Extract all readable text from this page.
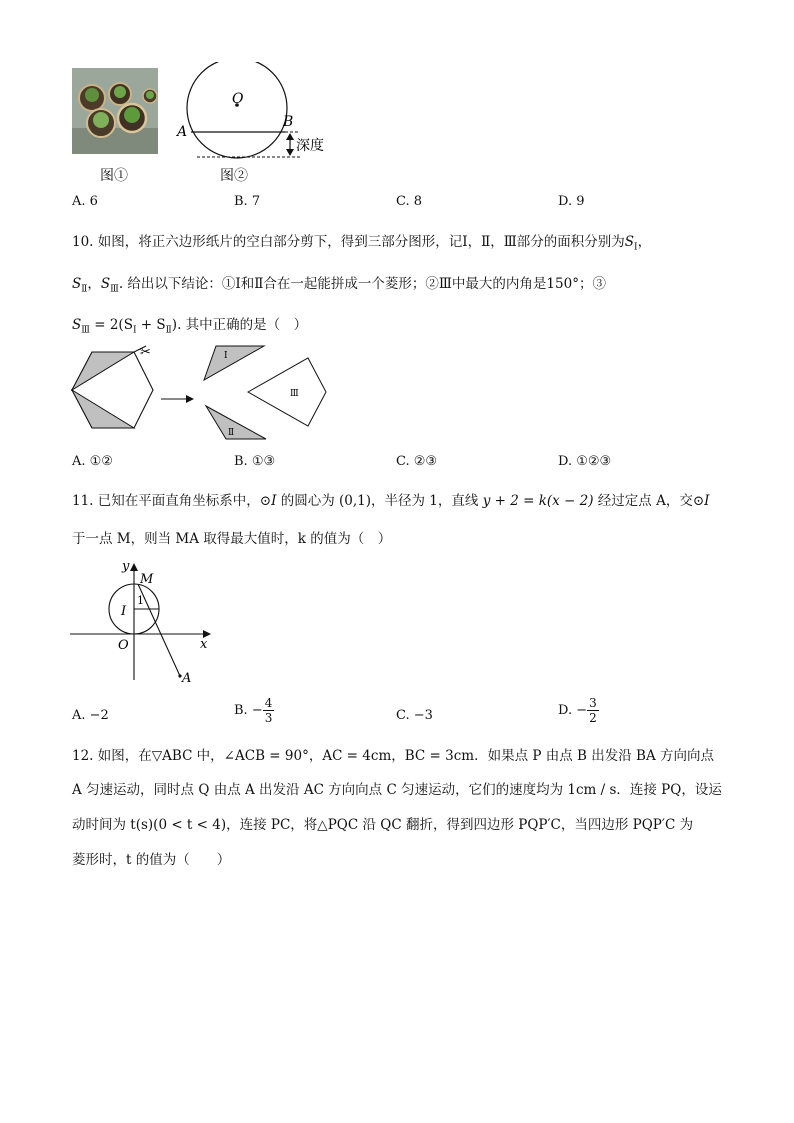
O
A
B
深度
图①	图②
A. 6	B. 7	C. 8	D. 9
10. 如图，将正六边形纸片的空白部分剪下，得到三部分图形，记Ⅰ，Ⅱ，Ⅲ部分的面积分别为$S_Ⅰ$，
$S_Ⅱ$，$S_Ⅲ$. 给出以下结论：①Ⅰ和Ⅱ合在一起能拼成一个菱形；②Ⅲ中最大的内角是150°；③
$S_Ⅲ = 2(S_Ⅰ + S_Ⅱ)$. 其中正确的是（　）
✂	Ⅰ
Ⅱ
Ⅲ
A. ①②	B. ①③	C. ②③	D. ①②③
11. 已知在平面直角坐标系中，⊙I 的圆心为 (0,1)，半径为 1，直线 y + 2 = k(x − 2) 经过定点 A，交⊙I
于一点 M，则当 MA 取得最大值时，k 的值为（　）
x
y
M
I
1
O
A
A. −2	B. − $\frac{4}{3}$	C. −3	D. − $\frac{3}{2}$
12. 如图，在▽ABC 中，∠ACB = 90°，AC = 4cm，BC = 3cm．如果点 P 由点 B 出发沿 BA 方向向点
A 匀速运动，同时点 Q 由点 A 出发沿 AC 方向向点 C 匀速运动，它们的速度均为 1cm / s．连接 PQ，设运
动时间为 t(s)(0 < t < 4)，连接 PC，将△PQC 沿 QC 翻折，得到四边形 PQP′C，当四边形 PQP′C 为
菱形时，t 的值为（　　）
